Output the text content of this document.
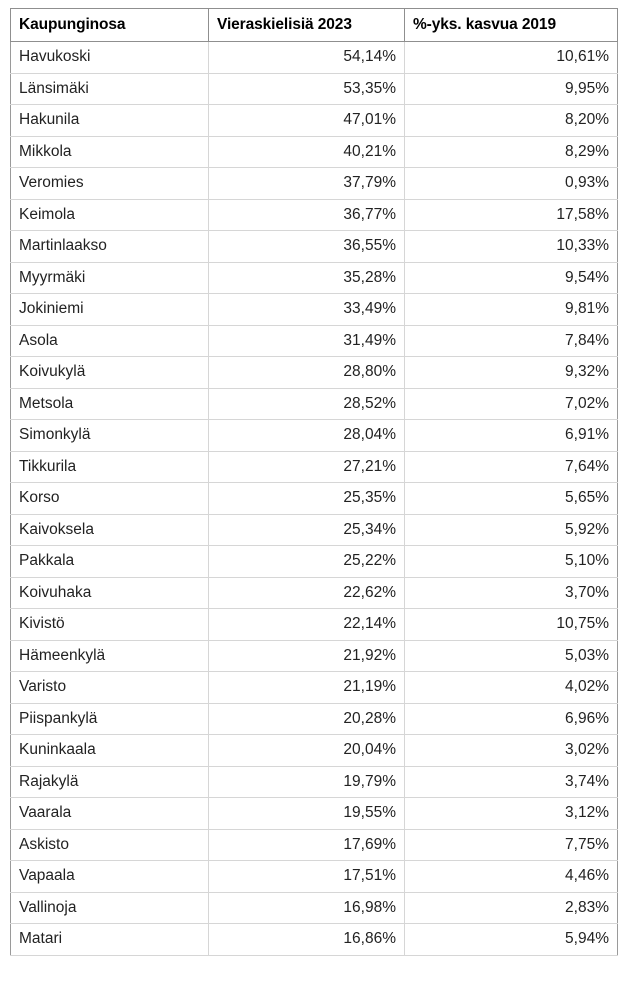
Kaupunginosa	Vieraskielisiä 2023	%-yks. kasvua 2019
Havukoski	54,14%	10,61%
Länsimäki	53,35%	9,95%
Hakunila	47,01%	8,20%
Mikkola	40,21%	8,29%
Veromies	37,79%	0,93%
Keimola	36,77%	17,58%
Martinlaakso	36,55%	10,33%
Myyrmäki	35,28%	9,54%
Jokiniemi	33,49%	9,81%
Asola	31,49%	7,84%
Koivukylä	28,80%	9,32%
Metsola	28,52%	7,02%
Simonkylä	28,04%	6,91%
Tikkurila	27,21%	7,64%
Korso	25,35%	5,65%
Kaivoksela	25,34%	5,92%
Pakkala	25,22%	5,10%
Koivuhaka	22,62%	3,70%
Kivistö	22,14%	10,75%
Hämeenkylä	21,92%	5,03%
Varisto	21,19%	4,02%
Piispankylä	20,28%	6,96%
Kuninkaala	20,04%	3,02%
Rajakylä	19,79%	3,74%
Vaarala	19,55%	3,12%
Askisto	17,69%	7,75%
Vapaala	17,51%	4,46%
Vallinoja	16,98%	2,83%
Matari	16,86%	5,94%
